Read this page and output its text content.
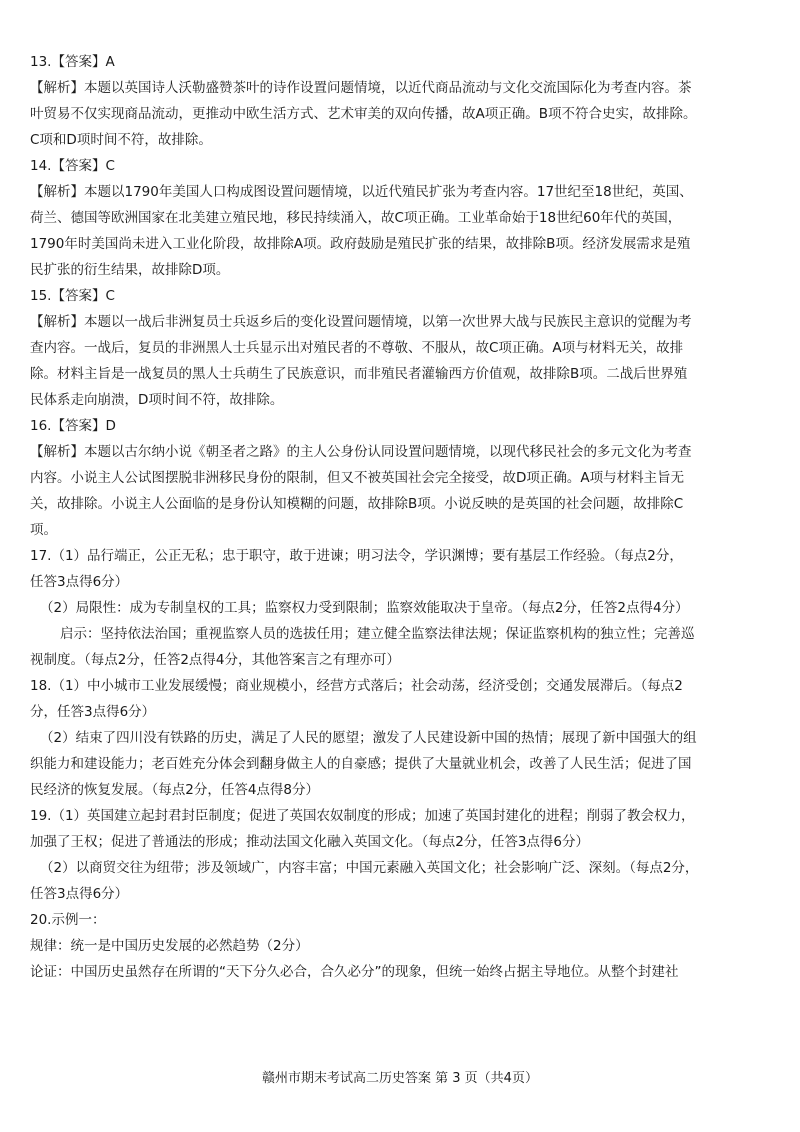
13.【答案】A
【解析】本题以英国诗人沃勒盛赞茶叶的诗作设置问题情境，以近代商品流动与文化交流国际化为考查内容。茶
叶贸易不仅实现商品流动，更推动中欧生活方式、艺术审美的双向传播，故A项正确。B项不符合史实，故排除。
C项和D项时间不符，故排除。
14.【答案】C
【解析】本题以1790年美国人口构成图设置问题情境，以近代殖民扩张为考查内容。17世纪至18世纪，英国、
荷兰、德国等欧洲国家在北美建立殖民地，移民持续涌入，故C项正确。工业革命始于18世纪60年代的英国，
1790年时美国尚未进入工业化阶段，故排除A项。政府鼓励是殖民扩张的结果，故排除B项。经济发展需求是殖
民扩张的衍生结果，故排除D项。
15.【答案】C
【解析】本题以一战后非洲复员士兵返乡后的变化设置问题情境，以第一次世界大战与民族民主意识的觉醒为考
查内容。一战后，复员的非洲黑人士兵显示出对殖民者的不尊敬、不服从，故C项正确。A项与材料无关，故排
除。材料主旨是一战复员的黑人士兵萌生了民族意识，而非殖民者灌输西方价值观，故排除B项。二战后世界殖
民体系走向崩溃，D项时间不符，故排除。
16.【答案】D
【解析】本题以古尔纳小说《朝圣者之路》的主人公身份认同设置问题情境，以现代移民社会的多元文化为考查
内容。小说主人公试图摆脱非洲移民身份的限制，但又不被英国社会完全接受，故D项正确。A项与材料主旨无
关，故排除。小说主人公面临的是身份认知模糊的问题，故排除B项。小说反映的是英国的社会问题，故排除C
项。
17.（1）品行端正，公正无私；忠于职守，敢于进谏；明习法令，学识渊博；要有基层工作经验。（每点2分，
任答3点得6分）
（2）局限性：成为专制皇权的工具；监察权力受到限制；监察效能取决于皇帝。（每点2分，任答2点得4分）
启示：坚持依法治国；重视监察人员的选拔任用；建立健全监察法律法规；保证监察机构的独立性；完善巡
视制度。（每点2分，任答2点得4分，其他答案言之有理亦可）
18.（1）中小城市工业发展缓慢；商业规模小，经营方式落后；社会动荡，经济受创；交通发展滞后。（每点2
分，任答3点得6分）
（2）结束了四川没有铁路的历史，满足了人民的愿望；激发了人民建设新中国的热情；展现了新中国强大的组
织能力和建设能力；老百姓充分体会到翻身做主人的自豪感；提供了大量就业机会，改善了人民生活；促进了国
民经济的恢复发展。（每点2分，任答4点得8分）
19.（1）英国建立起封君封臣制度；促进了英国农奴制度的形成；加速了英国封建化的进程；削弱了教会权力，
加强了王权；促进了普通法的形成；推动法国文化融入英国文化。（每点2分，任答3点得6分）
（2）以商贸交往为纽带；涉及领域广，内容丰富；中国元素融入英国文化；社会影响广泛、深刻。（每点2分，
任答3点得6分）
20.示例一：
规律：统一是中国历史发展的必然趋势（2分）
论证：中国历史虽然存在所谓的“天下分久必合，合久必分”的现象，但统一始终占据主导地位。从整个封建社
赣州市期末考试高二历史答案 第 3 页（共4页）
